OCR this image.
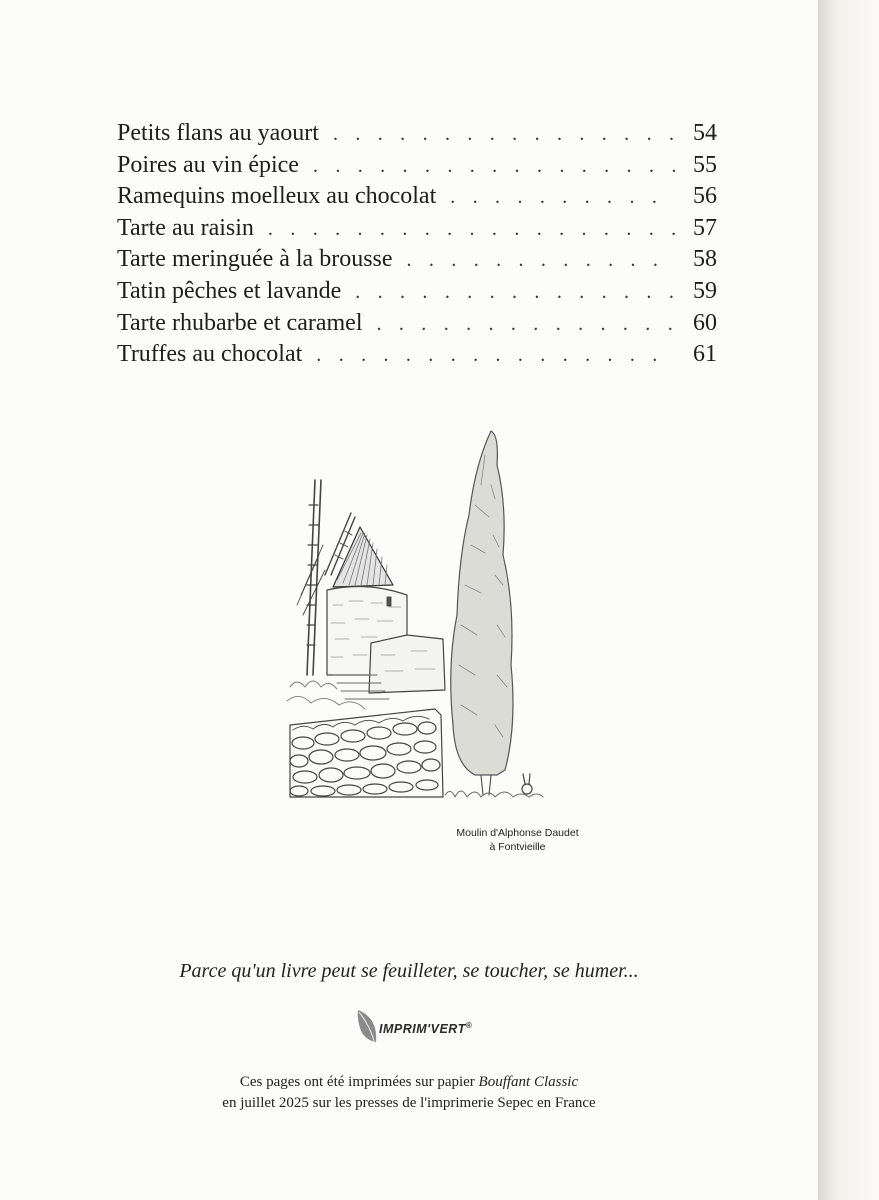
Petits flans au yaourt . . .	54
Poires au vin épice . . .	55
Ramequins moelleux au chocolat . . .	56
Tarte au raisin . . .	57
Tarte meringuée à la brousse . . .	58
Tatin pêches et lavande . . .	59
Tarte rhubarbe et caramel . . .	60
Truffes au chocolat . . .	61
Moulin d'Alphonse Daudet
à Fontvieille
Parce qu'un livre peut se feuilleter, se toucher, se humer...
IMPRIM'VERT®
Ces pages ont été imprimées sur papier Bouffant Classic
en juillet 2025 sur les presses de l'imprimerie Sepec en France
